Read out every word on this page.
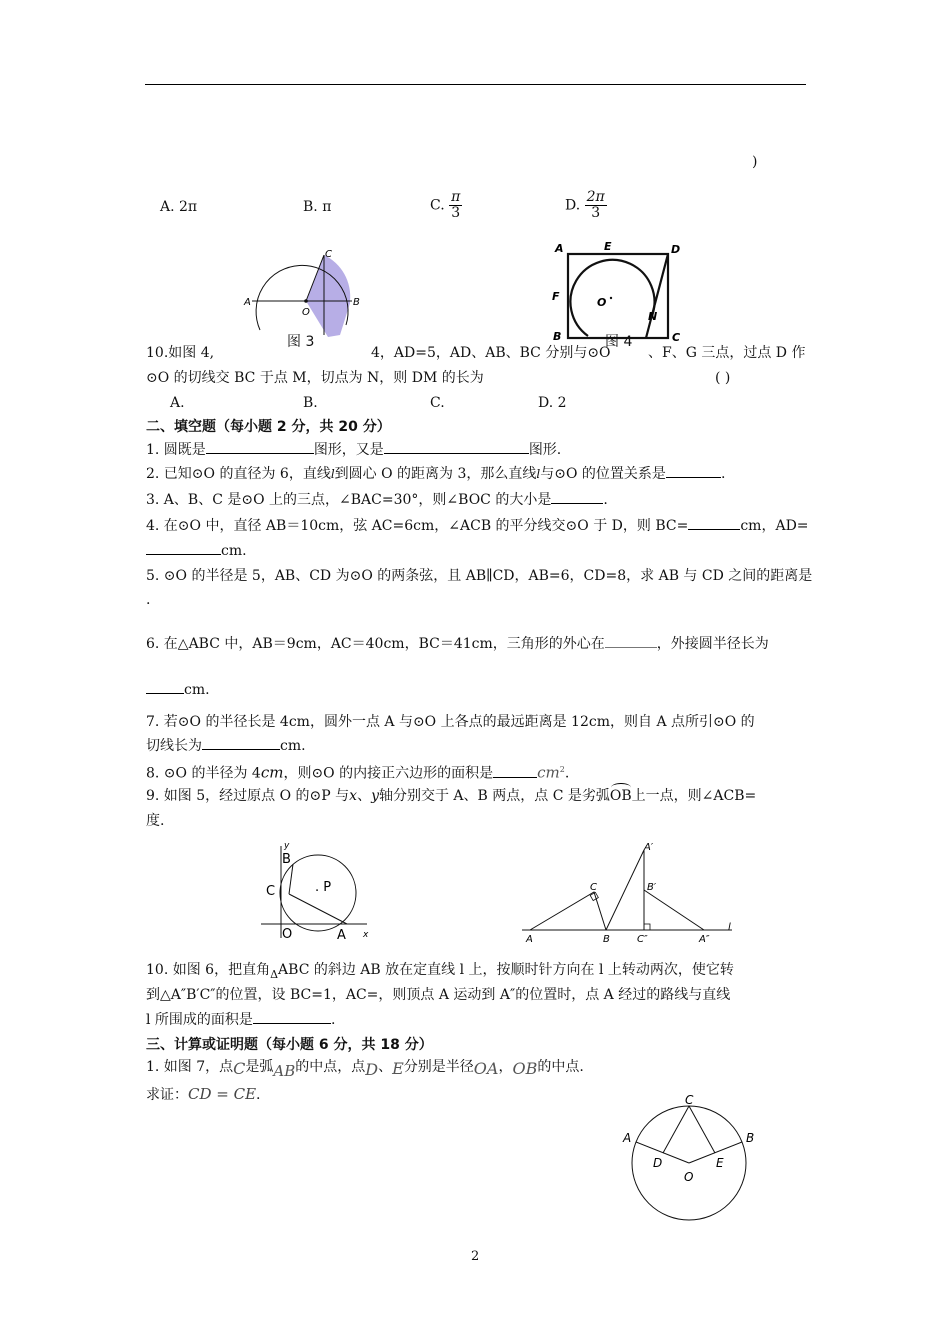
)
A. 2π	B. π	C. $\frac{\pi}{3}$	D. $\frac{2\pi}{3}$
A	B
C
O
图 3
A	E	D
F	O
B	C
N
图 4
10.如图 4,	4，AD=5，AD、AB、BC 分别与⊙O	、F、G 三点，过点 D 作
⊙O 的切线交 BC 于点 M，切点为 N，则 DM 的长为	( )
A.	B.	C.	D. 2
二、填空题（每小题 2 分，共 20 分）
1. 圆既是	图形，又是	图形.
2. 已知⊙O 的直径为 6，直线l到圆心 O 的距离为 3，那么直线l与⊙O 的位置关系是	.
3. A、B、C 是⊙O 上的三点，∠BAC=30°，则∠BOC 的大小是	.
4. 在⊙O 中，直径 AB＝10cm，弦 AC=6cm，∠ACB 的平分线交⊙O 于 D，则 BC=	cm，AD=
cm.
5. ⊙O 的半径是 5，AB、CD 为⊙O 的两条弦，且 AB∥CD，AB=6，CD=8，求 AB 与 CD 之间的距离是
.
6. 在△ABC 中，AB＝9cm，AC＝40cm，BC＝41cm，三角形的外心在	，外接圆半径长为
cm.
7. 若⊙O 的半径长是 4cm，圆外一点 A 与⊙O 上各点的最远距离是 12cm，则自 A 点所引⊙O 的
切线长为	cm.
8. ⊙O 的半径为 4cm，则⊙O 的内接正六边形的面积是	$cm^2$.
9. 如图 5，经过原点 O 的⊙P 与x、y轴分别交于 A、B 两点，点 C 是劣弧
OB上一点，则∠ACB=
度.
y
B
C	. P
O	A x	A
C
B
A′
B′
C″	A″
l
10. 如图 6，把直角$_\Delta$ABC 的斜边 AB 放在定直线 l 上，按顺时针方向在 l 上转动两次，使它转
到△A″B′C″的位置，设 BC=1，AC=，则顶点 A 运动到 A″的位置时，点 A 经过的路线与直线
l 所围成的面积是	.
三、计算或证明题（每小题 6 分，共 18 分）
1. 如图 7，点C是弧AB的中点，点D、E分别是半径OA，OB的中点.
求证：CD = CE.	C
A	B
D	E
O
2
